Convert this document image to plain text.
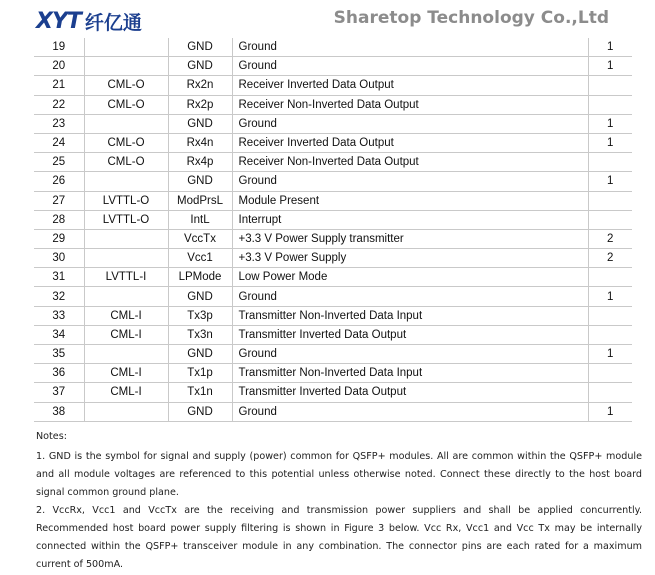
XYT 纤亿通	Sharetop Technology Co.,Ltd
19		GND	Ground	1
20		GND	Ground	1
21	CML-O	Rx2n	Receiver Inverted Data Output	
22	CML-O	Rx2p	Receiver Non-Inverted Data Output	
23		GND	Ground	1
24	CML-O	Rx4n	Receiver Inverted Data Output	1
25	CML-O	Rx4p	Receiver Non-Inverted Data Output	
26		GND	Ground	1
27	LVTTL-O	ModPrsL	Module Present	
28	LVTTL-O	IntL	Interrupt	
29		VccTx	+3.3 V Power Supply transmitter	2
30		Vcc1	+3.3 V Power Supply	2
31	LVTTL-I	LPMode	Low Power Mode	
32		GND	Ground	1
33	CML-I	Tx3p	Transmitter Non-Inverted Data Input	
34	CML-I	Tx3n	Transmitter Inverted Data Output	
35		GND	Ground	1
36	CML-I	Tx1p	Transmitter Non-Inverted Data Input	
37	CML-I	Tx1n	Transmitter Inverted Data Output	
38		GND	Ground	1

Notes:

1. GND is the symbol for signal and supply (power) common for QSFP+ modules. All are common within the QSFP+ module and all module voltages are referenced to this potential unless otherwise noted. Connect these directly to the host board signal common ground plane.

2. VccRx, Vcc1 and VccTx are the receiving and transmission power suppliers and shall be applied concurrently. Recommended host board power supply filtering is shown in Figure 3 below. Vcc Rx, Vcc1 and Vcc Tx may be internally connected within the QSFP+ transceiver module in any combination. The connector pins are each rated for a maximum current of 500mA.
